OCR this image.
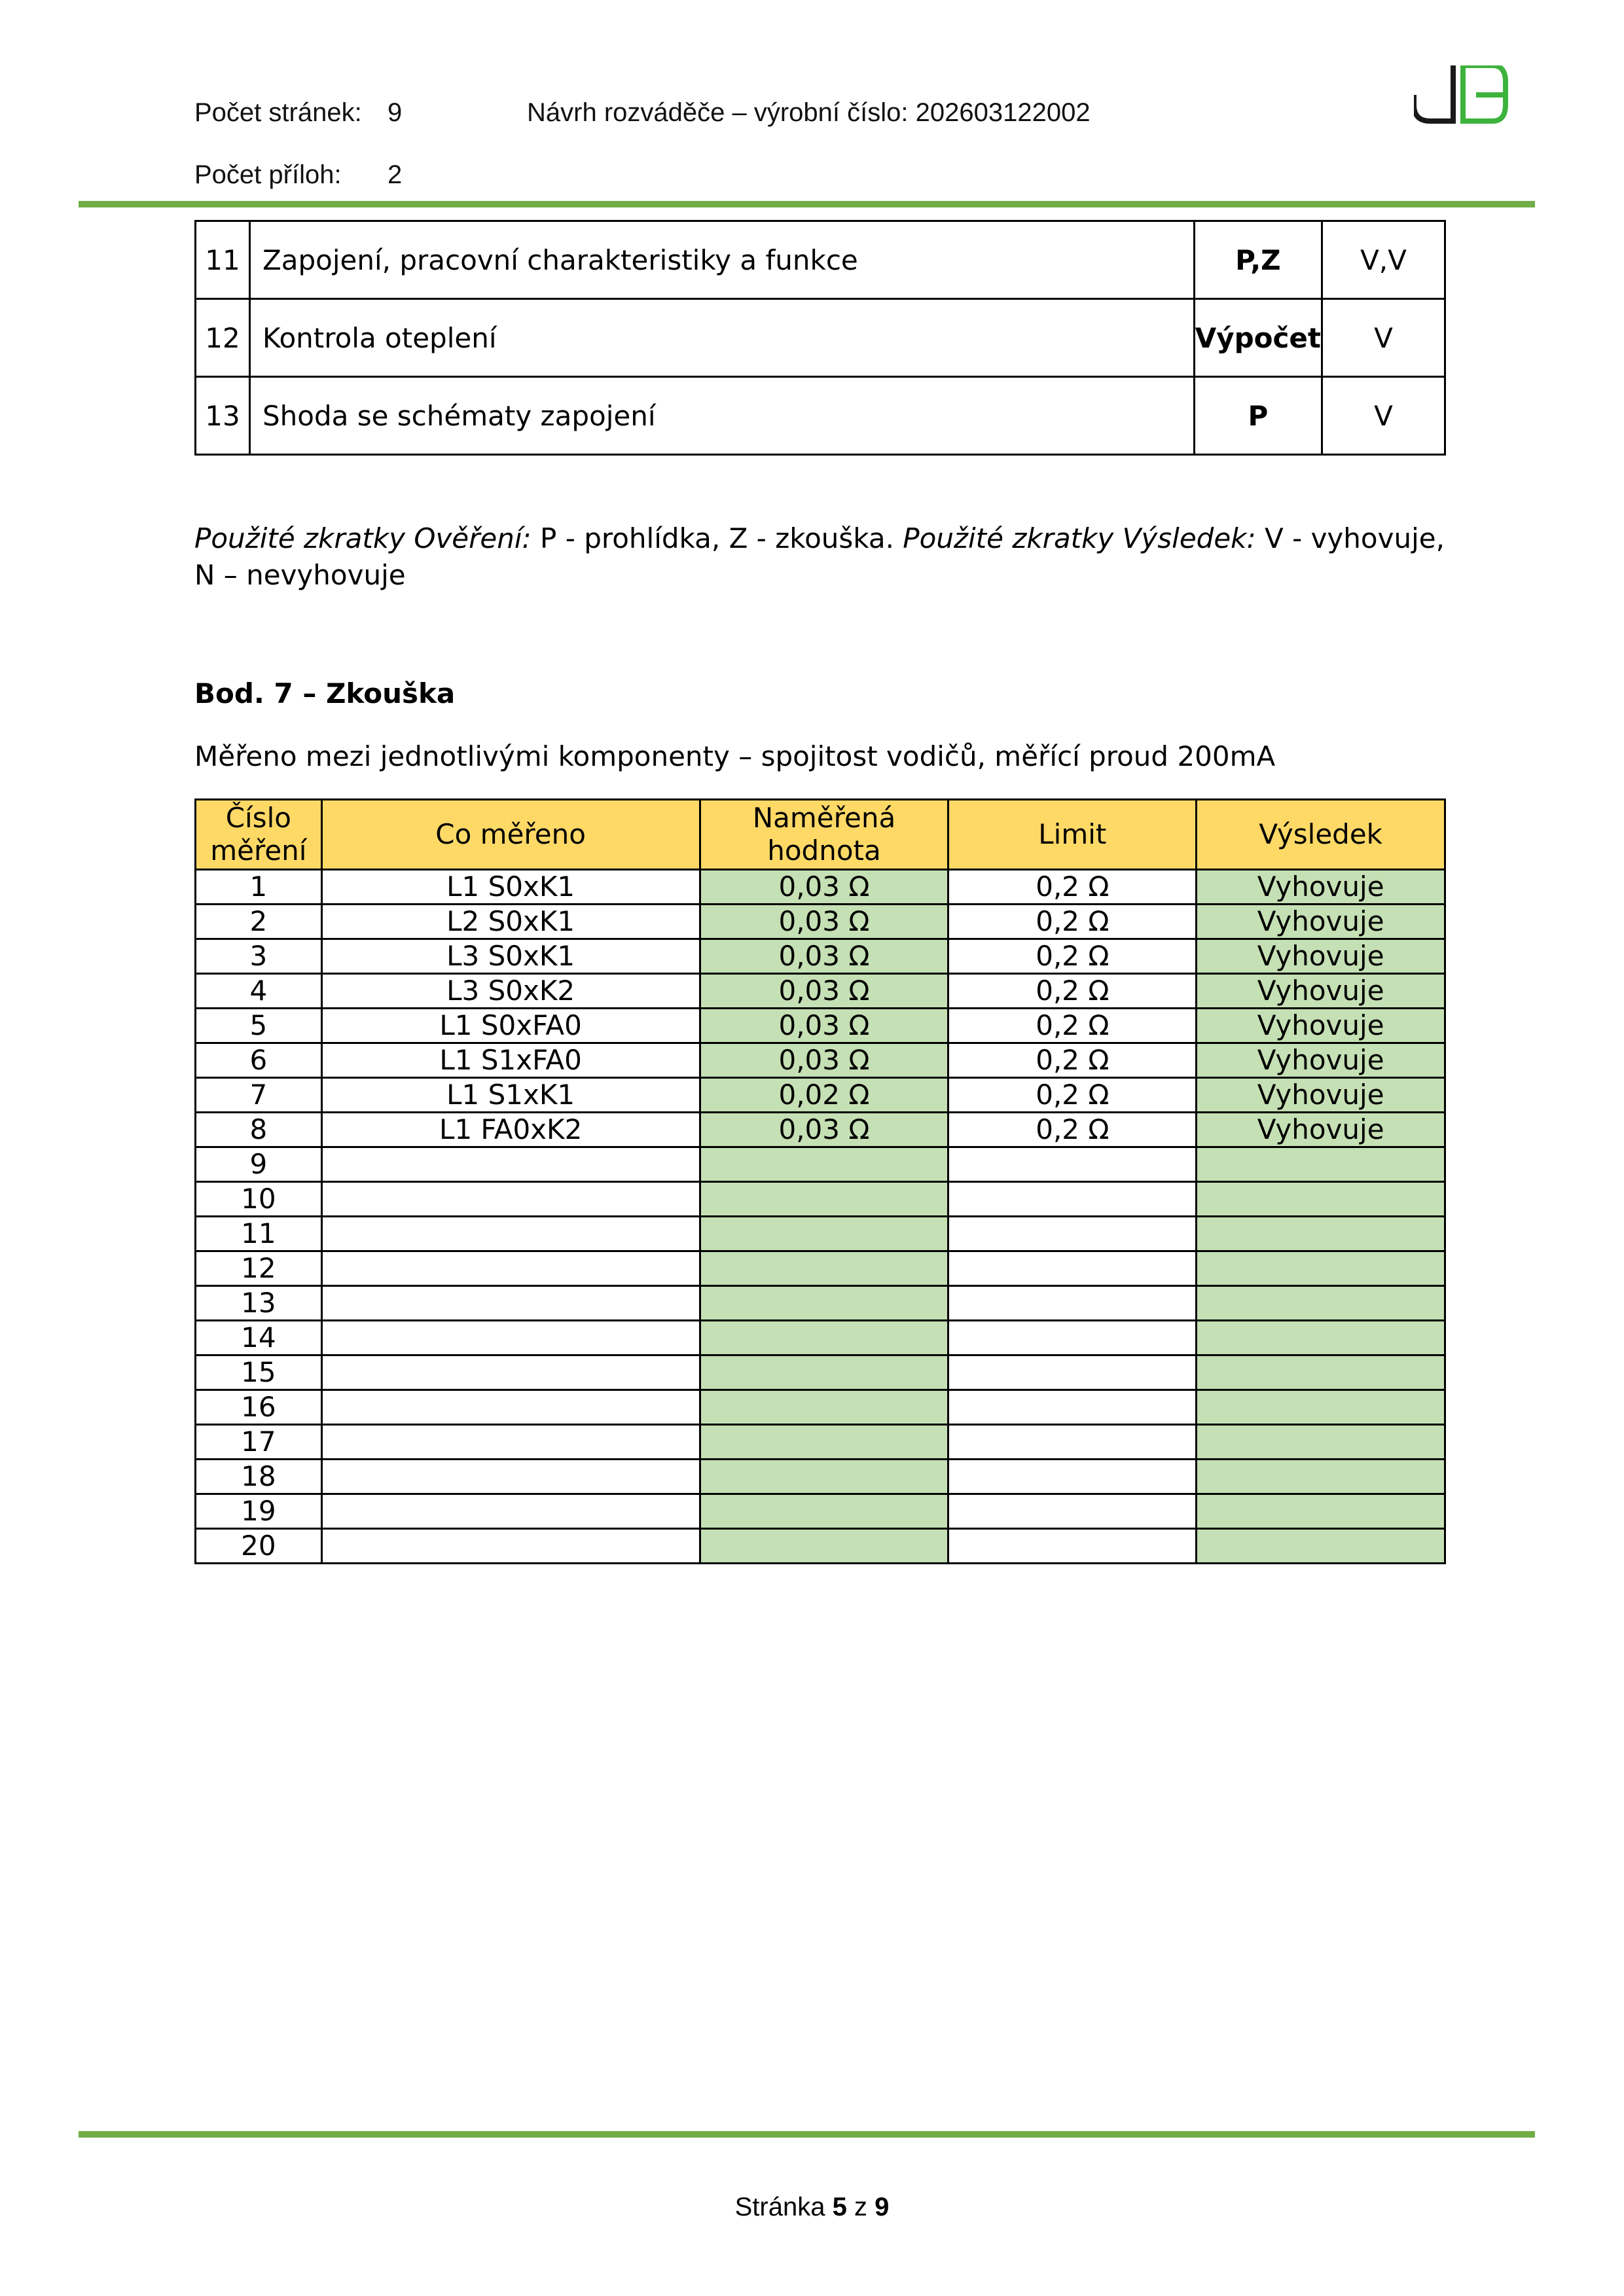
Počet stránek: 9	Návrh rozváděče – výrobní číslo: 202603122002
Počet příloh: 2
11	Zapojení, pracovní charakteristiky a funkce	P,Z	V,V
12	Kontrola oteplení	Výpočet	V
13	Shoda se schématy zapojení	P	V
Použité zkratky Ověření: P - prohlídka, Z - zkouška. Použité zkratky Výsledek: V - vyhovuje, N – nevyhovuje
Bod. 7 – Zkouška
Měřeno mezi jednotlivými komponenty – spojitost vodičů, měřící proud 200mA
Číslo měření	Co měřeno	Naměřená hodnota	Limit	Výsledek
1	L1 S0xK1	0,03 Ω	0,2 Ω	Vyhovuje
2	L2 S0xK1	0,03 Ω	0,2 Ω	Vyhovuje
3	L3 S0xK1	0,03 Ω	0,2 Ω	Vyhovuje
4	L3 S0xK2	0,03 Ω	0,2 Ω	Vyhovuje
5	L1 S0xFA0	0,03 Ω	0,2 Ω	Vyhovuje
6	L1 S1xFA0	0,03 Ω	0,2 Ω	Vyhovuje
7	L1 S1xK1	0,02 Ω	0,2 Ω	Vyhovuje
8	L1 FA0xK2	0,03 Ω	0,2 Ω	Vyhovuje
9				
10				
11				
12				
13				
14				
15				
16				
17				
18				
19				
20				
Stránka 5 z 9
